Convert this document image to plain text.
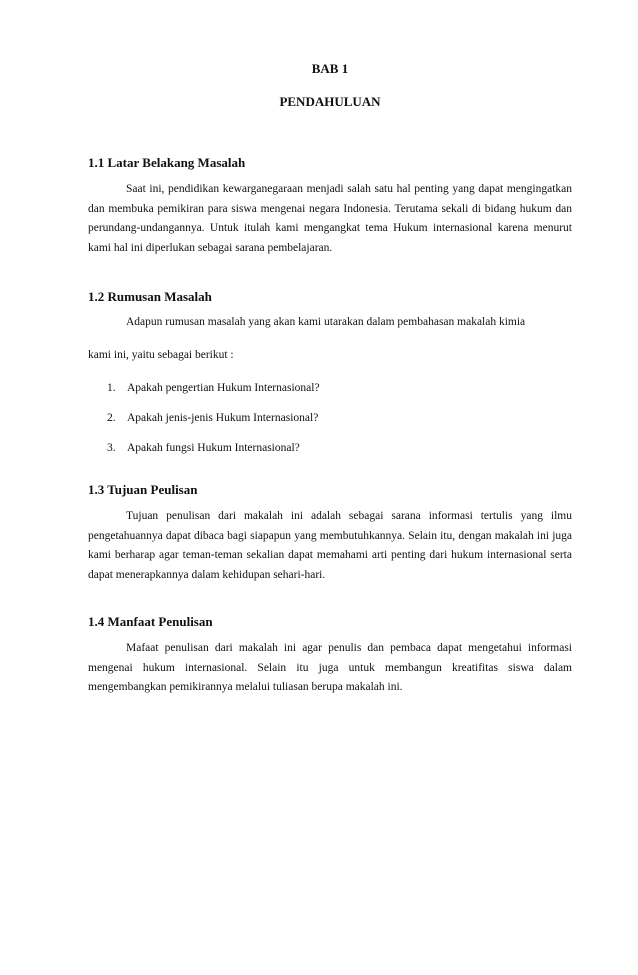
BAB 1
PENDAHULUAN
1.1 Latar Belakang Masalah
Saat ini, pendidikan kewarganegaraan menjadi salah satu hal penting yang dapat mengingatkan dan membuka pemikiran para siswa mengenai negara Indonesia. Terutama sekali di bidang hukum dan perundang-undangannya. Untuk itulah kami mengangkat tema Hukum internasional karena menurut kami hal ini diperlukan sebagai sarana pembelajaran.
1.2 Rumusan Masalah
Adapun rumusan masalah yang akan kami utarakan dalam pembahasan makalah kimia
kami ini, yaitu sebagai berikut :
1. Apakah pengertian Hukum Internasional?
2. Apakah jenis-jenis Hukum Internasional?
3. Apakah fungsi Hukum Internasional?
1.3 Tujuan Peulisan
Tujuan penulisan dari makalah ini adalah sebagai sarana informasi tertulis yang ilmu pengetahuannya dapat dibaca bagi siapapun yang membutuhkannya. Selain itu, dengan makalah ini juga kami berharap agar teman-teman sekalian dapat memahami arti penting dari hukum internasional serta dapat menerapkannya dalam kehidupan sehari-hari.
1.4 Manfaat Penulisan
Mafaat penulisan dari makalah ini agar penulis dan pembaca dapat mengetahui informasi mengenai hukum internasional. Selain itu juga untuk membangun kreatifitas siswa dalam mengembangkan pemikirannya melalui tuliasan berupa makalah ini.
